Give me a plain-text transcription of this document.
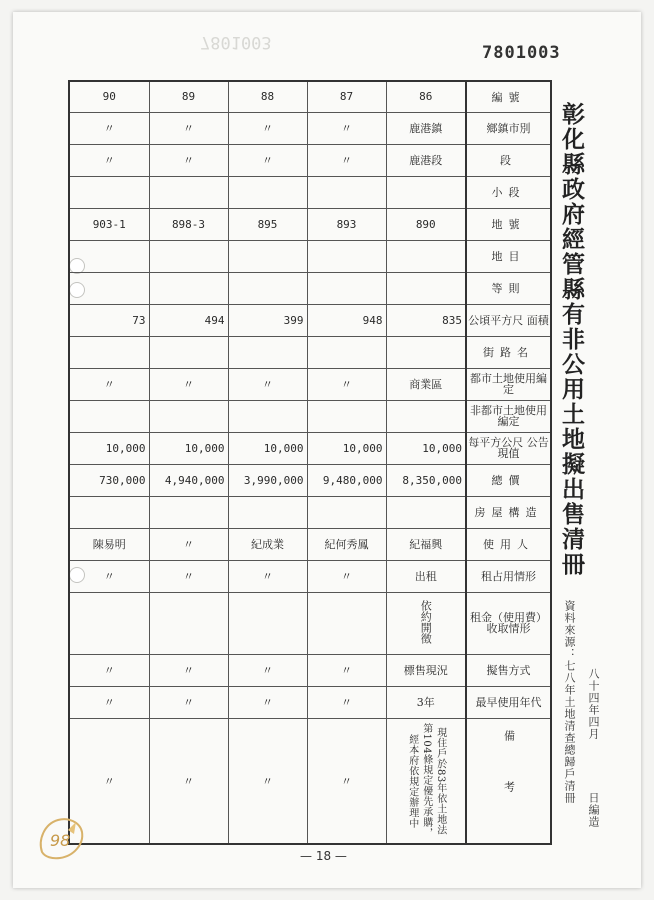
7801003
7801003
90	89	88	87	86	編號
〃	〃	〃	〃	鹿港鎮	鄉鎮市別
〃	〃	〃	〃	鹿港段	段
					小段
903-1	898-3	895	893	890	地號
					地目
					等則
73	494	399	948	835	公頃平方尺 面積
					街路名
〃	〃	〃	〃	商業區	都市土地使用編定
					非都市土地使用編定
10,000	10,000	10,000	10,000	10,000	每平方公尺 公告現值
730,000	4,940,000	3,990,000	9,480,000	8,350,000	總價
					房屋構造
陳易明	〃	紀成業	紀何秀鳳	紀福興	使用人
〃	〃	〃	〃	出租	租占用情形
				依約開徵	租金（使用費）收取情形
〃	〃	〃	〃	標售現況	擬售方式
〃	〃	〃	〃	3年	最早使用年代
〃	〃	〃	〃	現住戶於83年依土地法第104條規定優先承購，經本府依規定辦理中	備考
彰化縣政府經管縣有非公用土地擬出售清冊
資料來源：七八年土地清查總歸戶清冊 八十四年四月
日編造
— 18 —
98
